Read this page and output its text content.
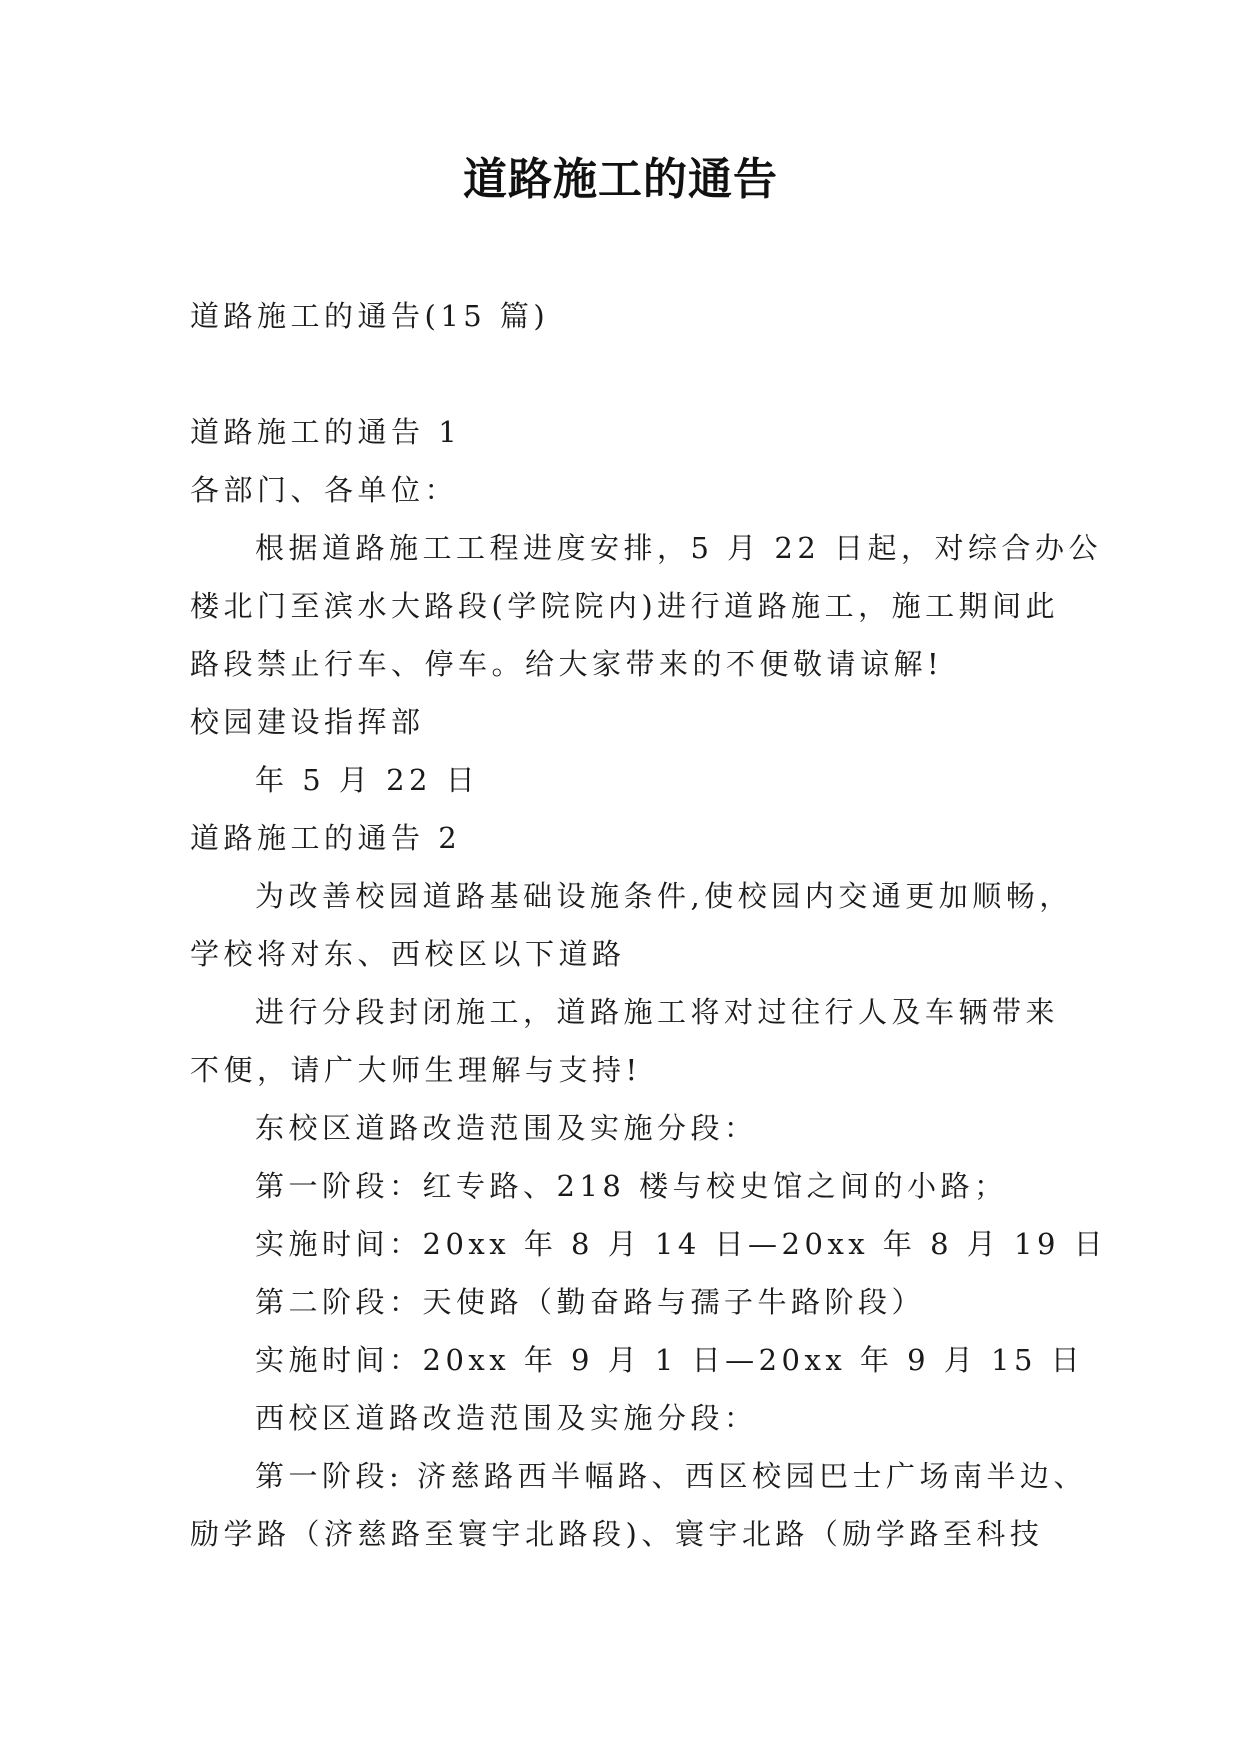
道路施工的通告

道路施工的通告(15 篇)

道路施工的通告 1

各部门、各单位：

根据道路施工工程进度安排，5 月 22 日起，对综合办公

楼北门至滨水大路段(学院院内)进行道路施工，施工期间此

路段禁止行车、停车。给大家带来的不便敬请谅解!

校园建设指挥部

年 5 月 22 日

道路施工的通告 2

为改善校园道路基础设施条件,使校园内交通更加顺畅，

学校将对东、西校区以下道路

进行分段封闭施工，道路施工将对过往行人及车辆带来

不便，请广大师生理解与支持!

东校区道路改造范围及实施分段：

第一阶段：红专路、218 楼与校史馆之间的小路；

实施时间：20xx 年 8 月 14 日—20xx 年 8 月 19 日

第二阶段：天使路（勤奋路与孺子牛路阶段）

实施时间：20xx 年 9 月 1 日—20xx 年 9 月 15 日

西校区道路改造范围及实施分段：

第一阶段: 济慈路西半幅路、西区校园巴士广场南半边、

励学路（济慈路至寰宇北路段)、寰宇北路（励学路至科技
